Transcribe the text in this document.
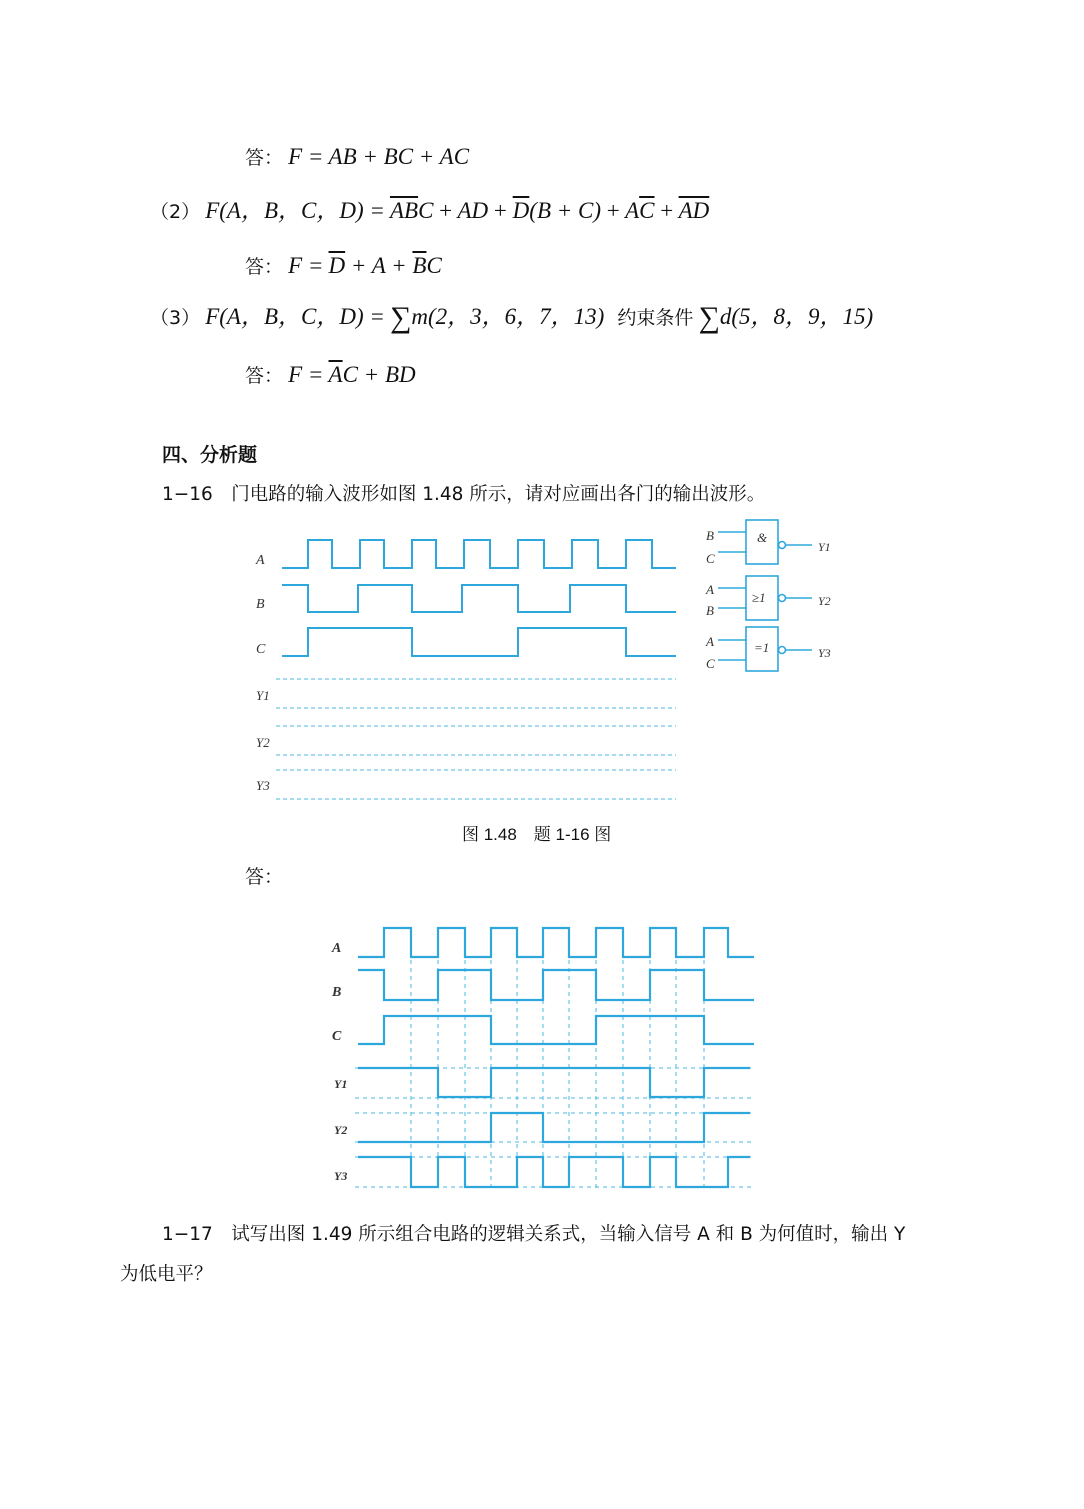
答： F = AB + BC + AC
（2） F(A，B，C，$D) = \overline{AB}C$ + AD + $\overline{D}(B + C) + A\overline{C} + \overline{AD}$
答： $F = \overline{D} + A + \overline{B}C$
（3） F(A，B，C，D) = ∑m(2，3，6，7，13) 约束条件 ∑d(5，8，9，15)
答： $F = \overline{A}C$ + BD
四、分析题
1−16　门电路的输入波形如图 1.48 所示，请对应画出各门的输出波形。
A
B
C
Y1
Y2
Y3
&
B
C
Y1
≥1
A
B
Y2
=1
A
C
Y3
A
B
C
Y1
Y2
Y3
图 1.48　题 1-16 图
答：
1−17　试写出图 1.49 所示组合电路的逻辑关系式，当输入信号 A 和 B 为何值时，输出 Y
为低电平？
